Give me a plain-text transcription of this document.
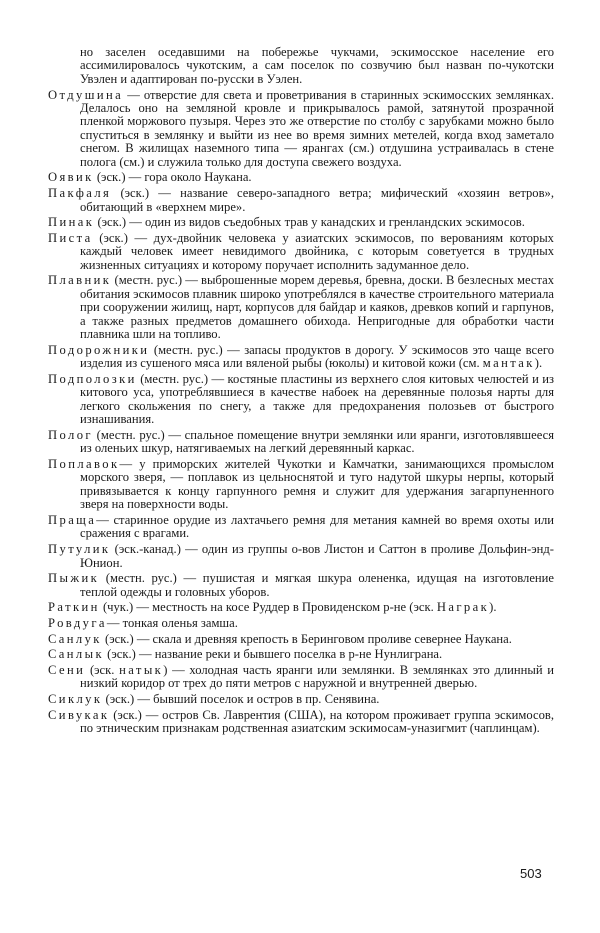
но заселен оседавшими на побережье чукчами, эскимосское население его ассимилировалось чукотским, а сам поселок по созвучию был назван по-чукотски Увэлен и адаптирован по-русски в Уэлен.
Отдушина — отверстие для света и проветривания в старинных эскимосских землянках. Делалось оно на земляной кровле и прикрывалось рамой, затянутой прозрачной пленкой моржового пузыря. Через это же отверстие по столбу с зарубками можно было спуститься в землянку и выйти из нее во время зимних метелей, когда вход заметало снегом. В жилищах наземного типа — ярангах (см.) отдушина устраивалась в стене полога (см.) и служила только для доступа свежего воздуха.
Оявик (эск.) — гора около Наукана.
Пакфаля (эск.) — название северо-западного ветра; мифический «хозяин ветров», обитающий в «верхнем мире».
Пинак (эск.) — один из видов съедобных трав у канадских и гренландских эскимосов.
Писта (эск.) — дух-двойник человека у азиатских эскимосов, по верованиям которых каждый человек имеет невидимого двойника, с которым советуется в трудных жизненных ситуациях и которому поручает исполнить задуманное дело.
Плавник (местн. рус.) — выброшенные морем деревья, бревна, доски. В безлесных местах обитания эскимосов плавник широко употреблялся в качестве строительного материала при сооружении жилищ, нарт, корпусов для байдар и каяков, древков копий и гарпунов, а также разных предметов домашнего обихода. Непригодные для обработки части плавника шли на топливо.
Подорожники (местн. рус.) — запасы продуктов в дорогу. У эскимосов это чаще всего изделия из сушеного мяса или вяленой рыбы (юколы) и китовой кожи (см. мантак).
Подполозки (местн. рус.) — костяные пластины из верхнего слоя китовых челюстей и из китового уса, употреблявшиеся в качестве набоек на деревянные полозья нарты для легкого скольжения по снегу, а также для предохранения полозьев от быстрого изнашивания.
Полог (местн. рус.) — спальное помещение внутри землянки или яранги, изготовлявшееся из оленьих шкур, натягиваемых на легкий деревянный каркас.
Поплавок— у приморских жителей Чукотки и Камчатки, занимающихся промыслом морского зверя, — поплавок из цельноснятой и туго надутой шкуры нерпы, который привязывается к концу гарпунного ремня и служит для удержания загарпуненного зверя на поверхности воды.
Праща— старинное орудие из лахтачьего ремня для метания камней во время охоты или сражения с врагами.
Путулик (эск.-канад.) — один из группы о-вов Листон и Саттон в проливе Дольфин-энд-Юнион.
Пыжик (местн. рус.) — пушистая и мягкая шкура олененка, идущая на изготовление теплой одежды и головных уборов.
Раткин (чук.) — местность на косе Руддер в Провиденском р-не (эск. Награк).
Ровдуга— тонкая оленья замша.
Санлук (эск.) — скала и древняя крепость в Беринговом проливе севернее Наукана.
Санлык (эск.) — название реки и бывшего поселка в р-не Нунлиграна.
Сени (эск. натык) — холодная часть яранги или землянки. В землянках это длинный и низкий коридор от трех до пяти метров с наружной и внутренней дверью.
Сиклук (эск.) — бывший поселок и остров в пр. Сенявина.
Сивукак (эск.) — остров Св. Лаврентия (США), на котором проживает группа эскимосов, по этническим признакам родственная азиатским эскимосам-уназигмит (чаплинцам).
503
